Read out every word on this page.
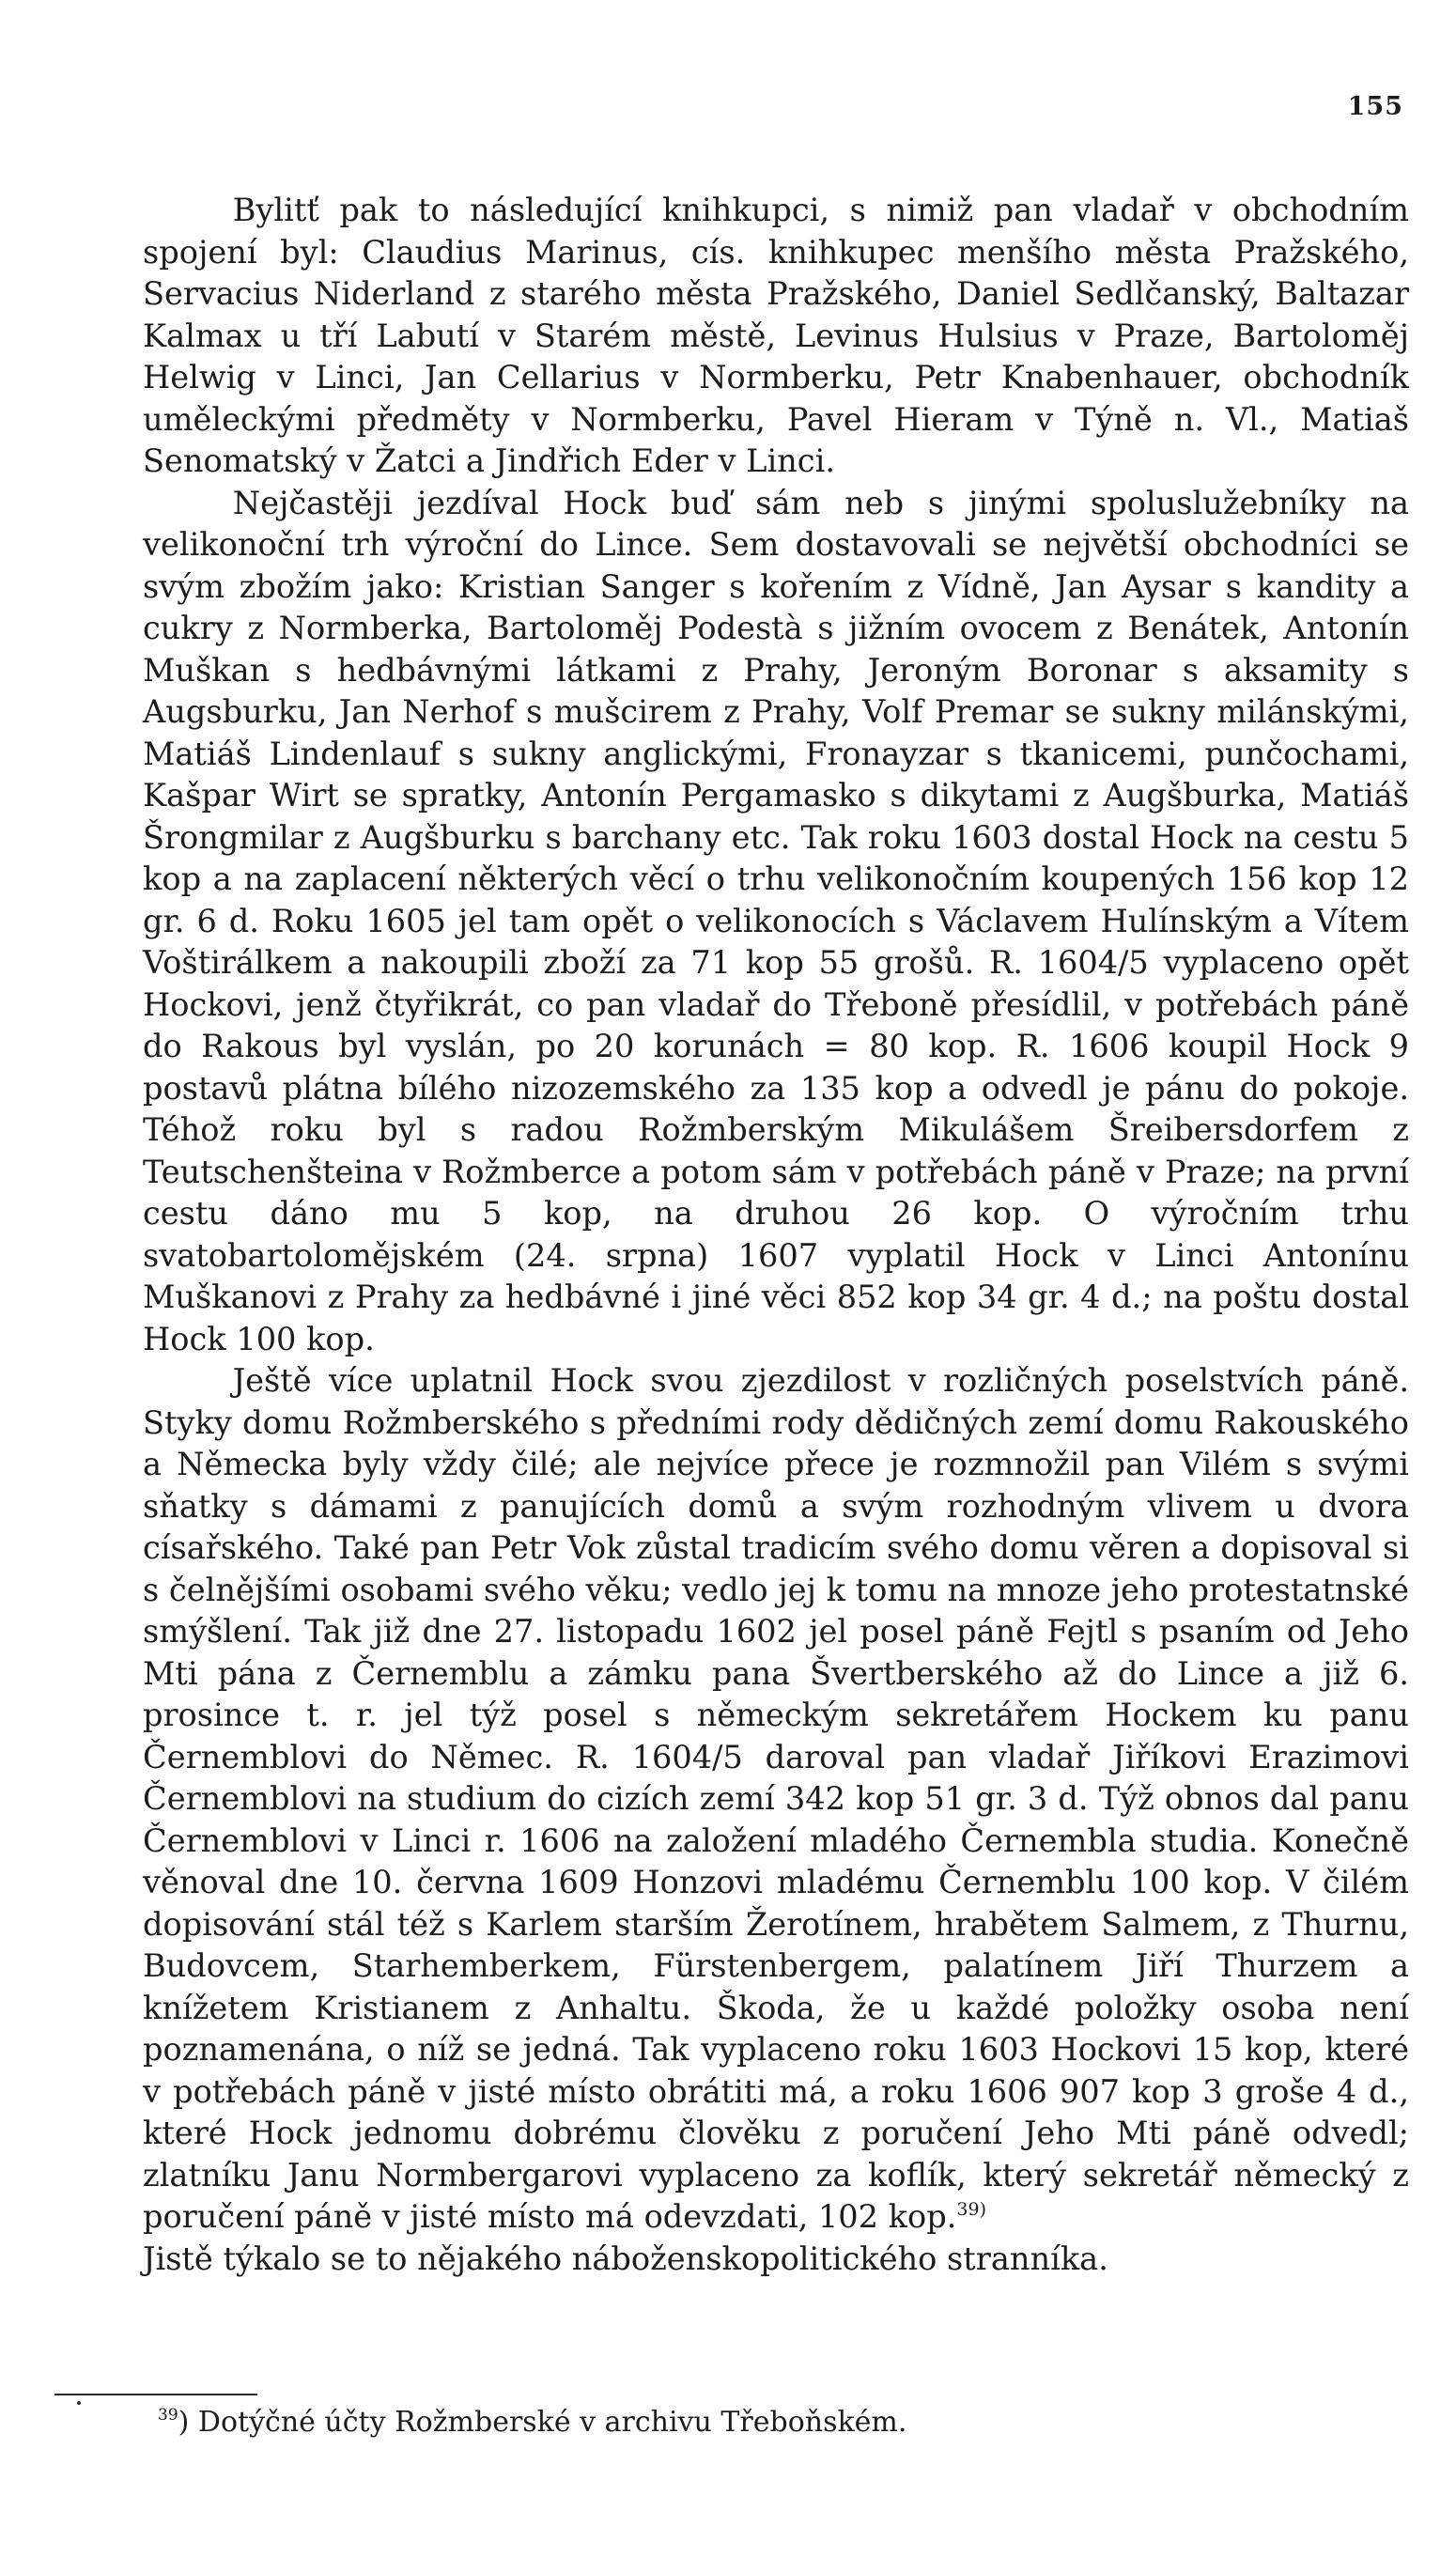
155

Bylitť pak to následující knihkupci, s nimiž pan vladař v obchodním spojení byl: Claudius Marinus, cís. knihkupec menšího města Pražského, Servacius Niderland z starého města Pražského, Daniel Sedlčanský, Baltazar Kalmax u tří Labutí v Starém městě, Levinus Hulsius v Praze, Bartoloměj Helwig v Linci, Jan Cellarius v Normberku, Petr Knabenhauer, obchodník uměleckými předměty v Normberku, Pavel Hieram v Týně n. Vl., Matiaš Senomatský v Žatci a Jindřich Eder v Linci.

Nejčastěji jezdíval Hock buď sám neb s jinými spoluslužebníky na velikonoční trh výroční do Lince. Sem dostavovali se největší obchodníci se svým zbožím jako: Kristian Sanger s kořením z Vídně, Jan Aysar s kandity a cukry z Normberka, Bartoloměj Podestà s jižním ovocem z Benátek, Antonín Muškan s hedbávnými látkami z Prahy, Jeroným Boronar s aksamity s Augsburku, Jan Nerhof s mušcirem z Prahy, Volf Premar se sukny milánskými, Matiáš Lindenlauf s sukny anglickými, Fronayzar s tkanicemi, punčochami, Kašpar Wirt se spratky, Antonín Pergamasko s dikytami z Augšburka, Matiáš Šrongmilar z Augšburku s barchany etc. Tak roku 1603 dostal Hock na cestu 5 kop a na zaplacení některých věcí o trhu velikonočním koupených 156 kop 12 gr. 6 d. Roku 1605 jel tam opět o velikonocích s Václavem Hulínským a Vítem Voštirálkem a nakoupili zboží za 71 kop 55 grošů. R. 1604/5 vyplaceno opět Hockovi, jenž čtyřikrát, co pan vladař do Třeboně přesídlil, v potřebách páně do Rakous byl vyslán, po 20 korunách = 80 kop. R. 1606 koupil Hock 9 postavů plátna bílého nizozemského za 135 kop a odvedl je pánu do pokoje. Téhož roku byl s radou Rožmberským Mikulášem Šreibersdorfem z Teutschenšteina v Rožmberce a potom sám v potřebách páně v Praze; na první cestu dáno mu 5 kop, na druhou 26 kop. O výročním trhu svatobartolomějském (24. srpna) 1607 vyplatil Hock v Linci Antonínu Muškanovi z Prahy za hedbávné i jiné věci 852 kop 34 gr. 4 d.; na poštu dostal Hock 100 kop.

Ještě více uplatnil Hock svou zjezdilost v rozličných poselstvích páně. Styky domu Rožmberského s předními rody dědičných zemí domu Rakouského a Německa byly vždy čilé; ale nejvíce přece je rozmnožil pan Vilém s svými sňatky s dámami z panujících domů a svým rozhodným vlivem u dvora císařského. Také pan Petr Vok zůstal tradicím svého domu věren a dopisoval si s čelnějšími osobami svého věku; vedlo jej k tomu na mnoze jeho protestatnské smýšlení. Tak již dne 27. listopadu 1602 jel posel páně Fejtl s psaním od Jeho Mti pána z Černemblu a zámku pana Švertberského až do Lince a již 6. prosince t. r. jel týž posel s německým sekretářem Hockem ku panu Černemblovi do Němec. R. 1604/5 daroval pan vladař Jiříkovi Erazimovi Černemblovi na studium do cizích zemí 342 kop 51 gr. 3 d. Týž obnos dal panu Černemblovi v Linci r. 1606 na založení mladého Černembla studia. Konečně věnoval dne 10. června 1609 Honzovi mladému Černemblu 100 kop. V čilém dopisování stál též s Karlem starším Žerotínem, hrabětem Salmem, z Thurnu, Budovcem, Starhemberkem, Fürstenbergem, palatínem Jiří Thurzem a knížetem Kristianem z Anhaltu. Škoda, že u každé položky osoba není poznamenána, o níž se jedná. Tak vyplaceno roku 1603 Hockovi 15 kop, které v potřebách páně v jisté místo obrátiti má, a roku 1606 907 kop 3 groše 4 d., které Hock jednomu dobrému člověku z poručení Jeho Mti páně odvedl; zlatníku Janu Normbergarovi vyplaceno za koflík, který sekretář německý z poručení páně v jisté místo má odevzdati, 102 kop.$^{39)}$

Jistě týkalo se to nějakého náboženskopolitického stranníka.

$^{39}$) Dotýčné účty Rožmberské v archivu Třeboňském.
